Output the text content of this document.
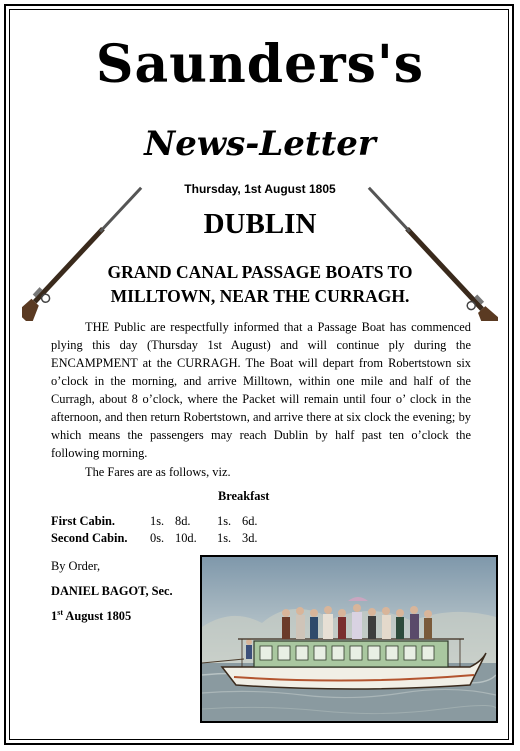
Saunders's
News-Letter
Thursday, 1st August 1805
DUBLIN
GRAND CANAL PASSAGE BOATS TO MILLTOWN, NEAR THE CURRAGH.

THE Public are respectfully informed that a Passage Boat has commenced plying this day (Thursday 1st August) and will continue ply during the ENCAMPMENT at the CURRAGH. The Boat will depart from Robertstown six o’clock in the morning, and arrive Milltown, within one mile and half of the Curragh, about 8 o’clock, where the Packet will remain until four o’ clock in the afternoon, and then return Robertstown, and arrive there at six clock the evening; by which means the passengers may reach Dublin by half past ten o’clock the following morning.

The Fares are as follows, viz.
Breakfast
First Cabin.	1s. 8d. 1s. 6d.
Second Cabin. 0s. 10d. 1s. 3d.
By Order,
DANIEL BAGOT, Sec.
1st August 1805
